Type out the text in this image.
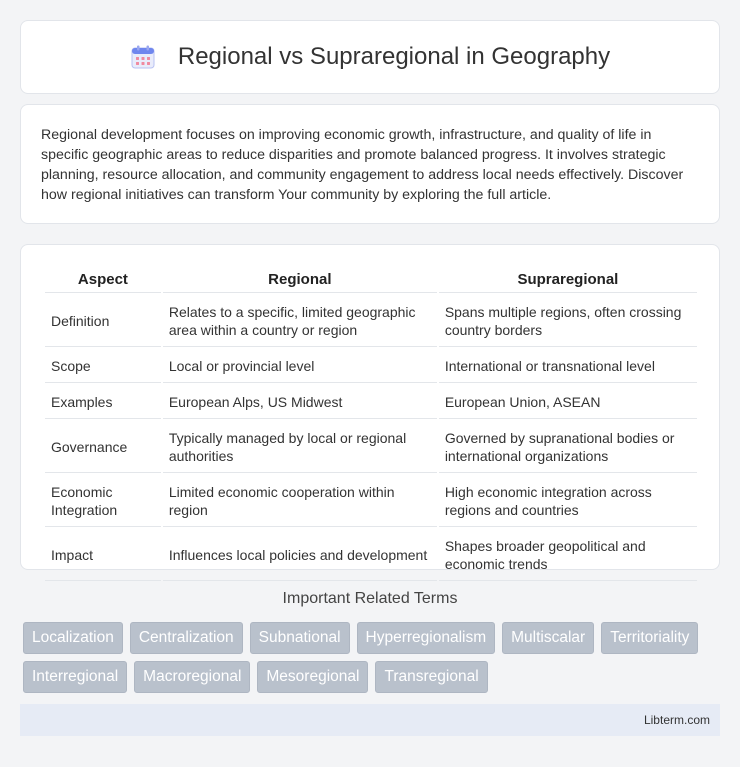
Regional vs Supraregional in Geography

Regional development focuses on improving economic growth, infrastructure, and quality of life in specific geographic areas to reduce disparities and promote balanced progress. It involves strategic planning, resource allocation, and community engagement to address local needs effectively. Discover how regional initiatives can transform Your community by exploring the full article.

Aspect	Regional	Supraregional
Definition	Relates to a specific, limited geographic area within a country or region	Spans multiple regions, often crossing country borders
Scope	Local or provincial level	International or transnational level
Examples	European Alps, US Midwest	European Union, ASEAN
Governance	Typically managed by local or regional authorities	Governed by supranational bodies or international organizations
Economic Integration	Limited economic cooperation within region	High economic integration across regions and countries
Impact	Influences local policies and development	Shapes broader geopolitical and economic trends
Important Related Terms
Localization	Centralization	Subnational	Hyperregionalism	Multiscalar	Territoriality
Interregional	Macroregional	Mesoregional	Transregional
Libterm.com
